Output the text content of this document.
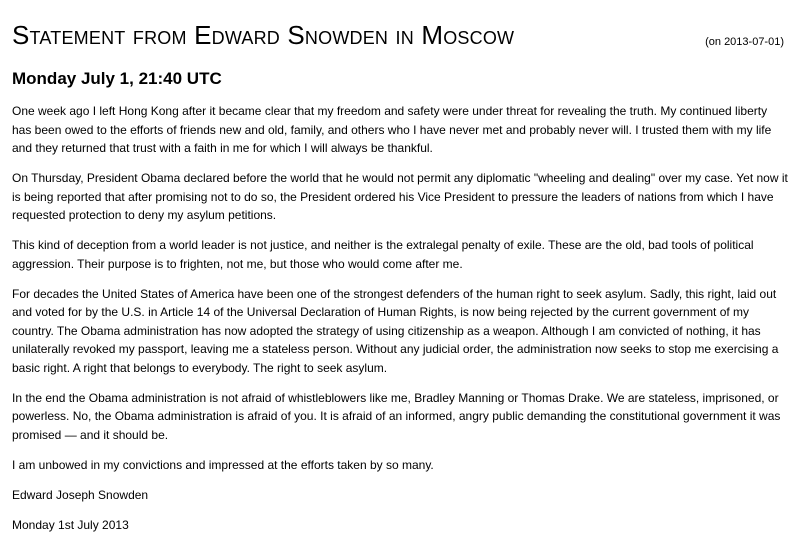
Statement from Edward Snowden in Moscow	(on 2013-07-01)
Monday July 1, 21:40 UTC

One week ago I left Hong Kong after it became clear that my freedom and safety were under threat for revealing the truth. My continued liberty has been owed to the efforts of friends new and old, family, and others who I have never met and probably never will. I trusted them with my life and they returned that trust with a faith in me for which I will always be thankful.

On Thursday, President Obama declared before the world that he would not permit any diplomatic "wheeling and dealing" over my case. Yet now it is being reported that after promising not to do so, the President ordered his Vice President to pressure the leaders of nations from which I have requested protection to deny my asylum petitions.

This kind of deception from a world leader is not justice, and neither is the extralegal penalty of exile. These are the old, bad tools of political aggression. Their purpose is to frighten, not me, but those who would come after me.

For decades the United States of America have been one of the strongest defenders of the human right to seek asylum. Sadly, this right, laid out and voted for by the U.S. in Article 14 of the Universal Declaration of Human Rights, is now being rejected by the current government of my country. The Obama administration has now adopted the strategy of using citizenship as a weapon. Although I am convicted of nothing, it has unilaterally revoked my passport, leaving me a stateless person. Without any judicial order, the administration now seeks to stop me exercising a basic right. A right that belongs to everybody. The right to seek asylum.

In the end the Obama administration is not afraid of whistleblowers like me, Bradley Manning or Thomas Drake. We are stateless, imprisoned, or powerless. No, the Obama administration is afraid of you. It is afraid of an informed, angry public demanding the constitutional government it was promised — and it should be.

I am unbowed in my convictions and impressed at the efforts taken by so many.

Edward Joseph Snowden

Monday 1st July 2013
